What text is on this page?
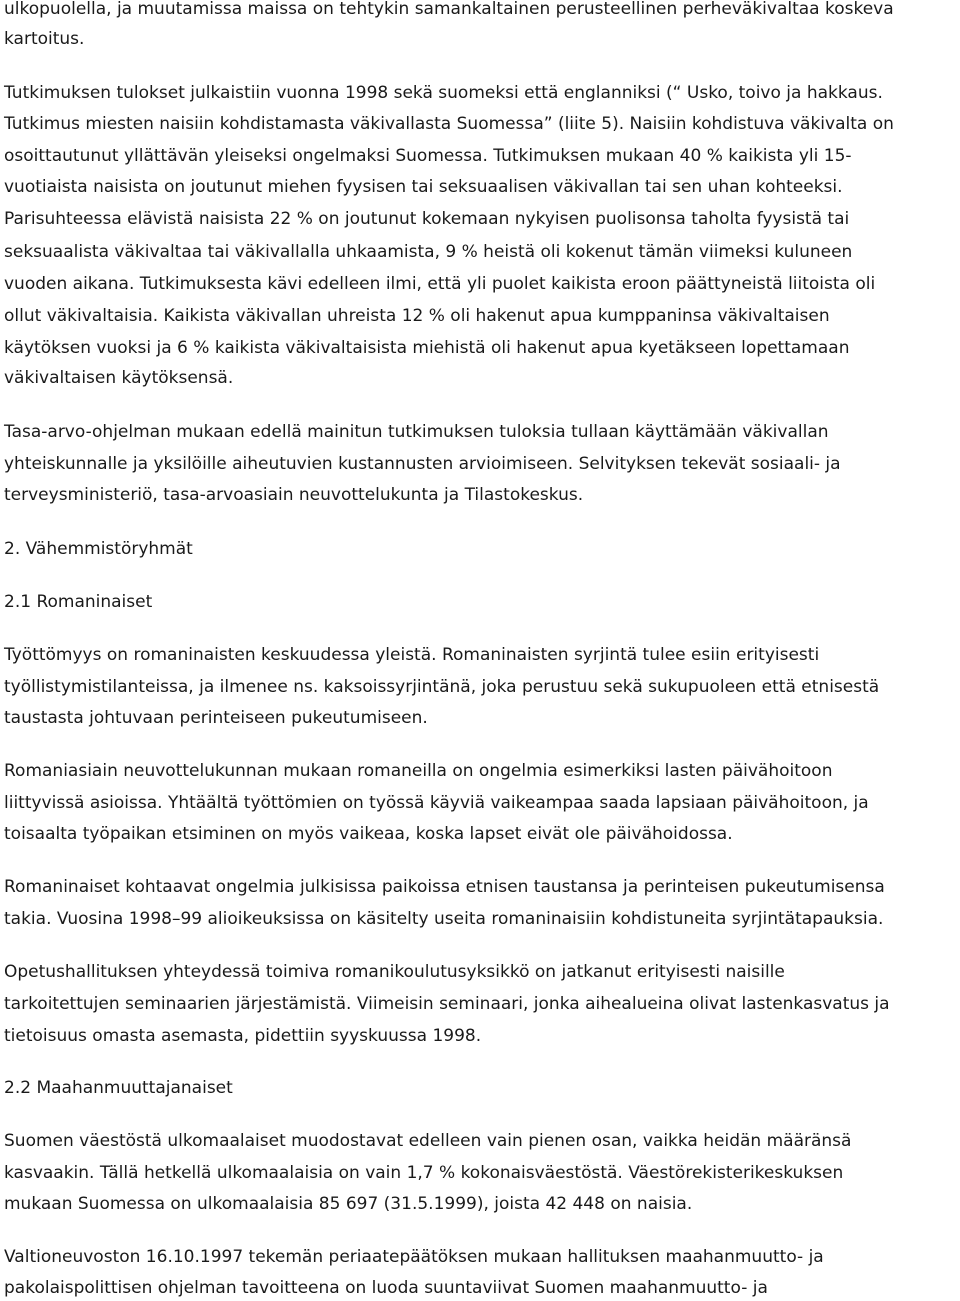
ulkopuolella, ja muutamissa maissa on tehtykin samankaltainen perusteellinen perheväkivaltaa koskeva
kartoitus.
Tutkimuksen tulokset julkaistiin vuonna 1998 sekä suomeksi että englanniksi (“ Usko, toivo ja hakkaus.
Tutkimus miesten naisiin kohdistamasta väkivallasta Suomessa” (liite 5). Naisiin kohdistuva väkivalta on
osoittautunut yllättävän yleiseksi ongelmaksi Suomessa. Tutkimuksen mukaan 40 % kaikista yli 15-
vuotiaista naisista on joutunut miehen fyysisen tai seksuaalisen väkivallan tai sen uhan kohteeksi.
Parisuhteessa elävistä naisista 22 % on joutunut kokemaan nykyisen puolisonsa taholta fyysistä tai
seksuaalista väkivaltaa tai väkivallalla uhkaamista, 9 % heistä oli kokenut tämän viimeksi kuluneen
vuoden aikana. Tutkimuksesta kävi edelleen ilmi, että yli puolet kaikista eroon päättyneistä liitoista oli
ollut väkivaltaisia. Kaikista väkivallan uhreista 12 % oli hakenut apua kumppaninsa väkivaltaisen
käytöksen vuoksi ja 6 % kaikista väkivaltaisista miehistä oli hakenut apua kyetäkseen lopettamaan
väkivaltaisen käytöksensä.
Tasa-arvo-ohjelman mukaan edellä mainitun tutkimuksen tuloksia tullaan käyttämään väkivallan
yhteiskunnalle ja yksilöille aiheutuvien kustannusten arvioimiseen. Selvityksen tekevät sosiaali- ja
terveysministeriö, tasa-arvoasiain neuvottelukunta ja Tilastokeskus.
2. Vähemmistöryhmät
2.1 Romaninaiset
Työttömyys on romaninaisten keskuudessa yleistä. Romaninaisten syrjintä tulee esiin erityisesti
työllistymistilanteissa, ja ilmenee ns. kaksoissyrjintänä, joka perustuu sekä sukupuoleen että etnisestä
taustasta johtuvaan perinteiseen pukeutumiseen.
Romaniasiain neuvottelukunnan mukaan romaneilla on ongelmia esimerkiksi lasten päivähoitoon
liittyvissä asioissa. Yhtäältä työttömien on työssä käyviä vaikeampaa saada lapsiaan päivähoitoon, ja
toisaalta työpaikan etsiminen on myös vaikeaa, koska lapset eivät ole päivähoidossa.
Romaninaiset kohtaavat ongelmia julkisissa paikoissa etnisen taustansa ja perinteisen pukeutumisensa
takia. Vuosina 1998–99 alioikeuksissa on käsitelty useita romaninaisiin kohdistuneita syrjintätapauksia.
Opetushallituksen yhteydessä toimiva romanikoulutusyksikkö on jatkanut erityisesti naisille
tarkoitettujen seminaarien järjestämistä. Viimeisin seminaari, jonka aihealueina olivat lastenkasvatus ja
tietoisuus omasta asemasta, pidettiin syyskuussa 1998.
2.2 Maahanmuuttajanaiset
Suomen väestöstä ulkomaalaiset muodostavat edelleen vain pienen osan, vaikka heidän määränsä
kasvaakin. Tällä hetkellä ulkomaalaisia on vain 1,7 % kokonaisväestöstä. Väestörekisterikeskuksen
mukaan Suomessa on ulkomaalaisia 85 697 (31.5.1999), joista 42 448 on naisia.
Valtioneuvoston 16.10.1997 tekemän periaatepäätöksen mukaan hallituksen maahanmuutto- ja
pakolaispolittisen ohjelman tavoitteena on luoda suuntaviivat Suomen maahanmuutto- ja
